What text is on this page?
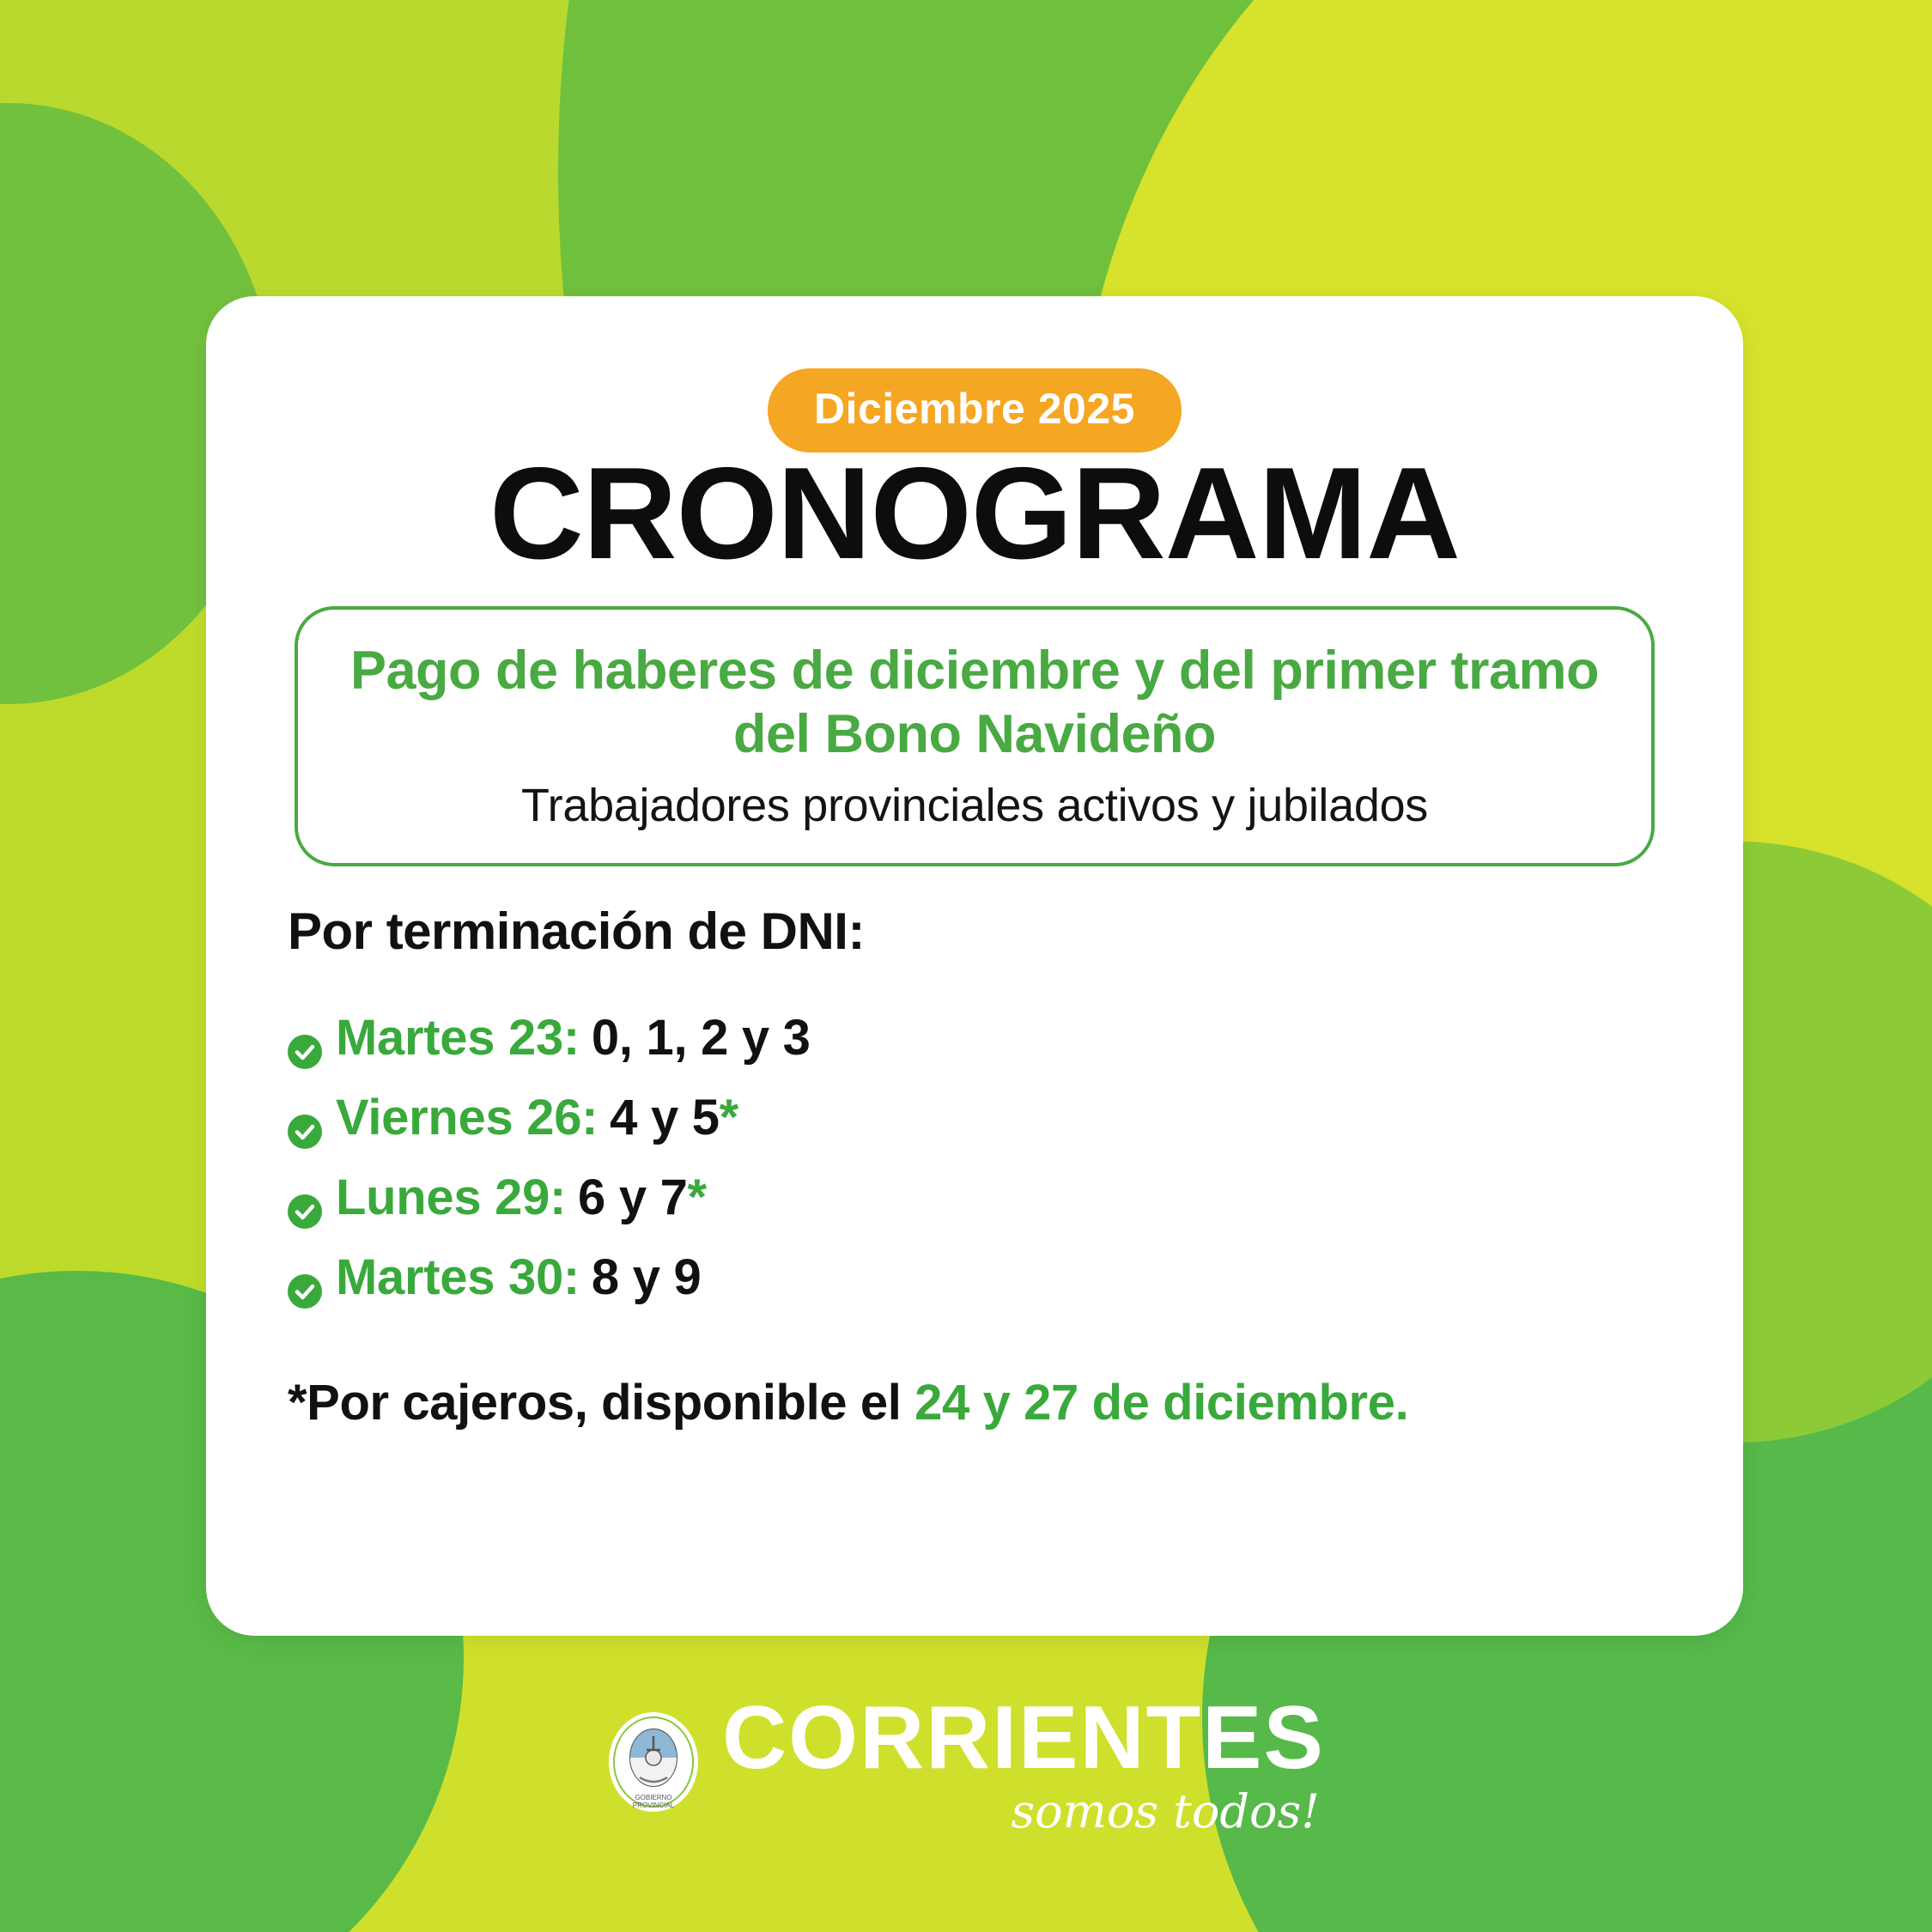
Diciembre 2025
CRONOGRAMA
Pago de haberes de diciembre y del primer tramo del Bono Navideño
Trabajadores provinciales activos y jubilados
Por terminación de DNI:
Martes 23: 0, 1, 2 y 3
Viernes 26: 4 y 5 *
Lunes 29: 6 y 7 *
Martes 30: 8 y 9
*Por cajeros, disponible el 24 y 27 de diciembre.
GOBIERNO
PROVINCIAL
CORRIENTES
somos todos!
